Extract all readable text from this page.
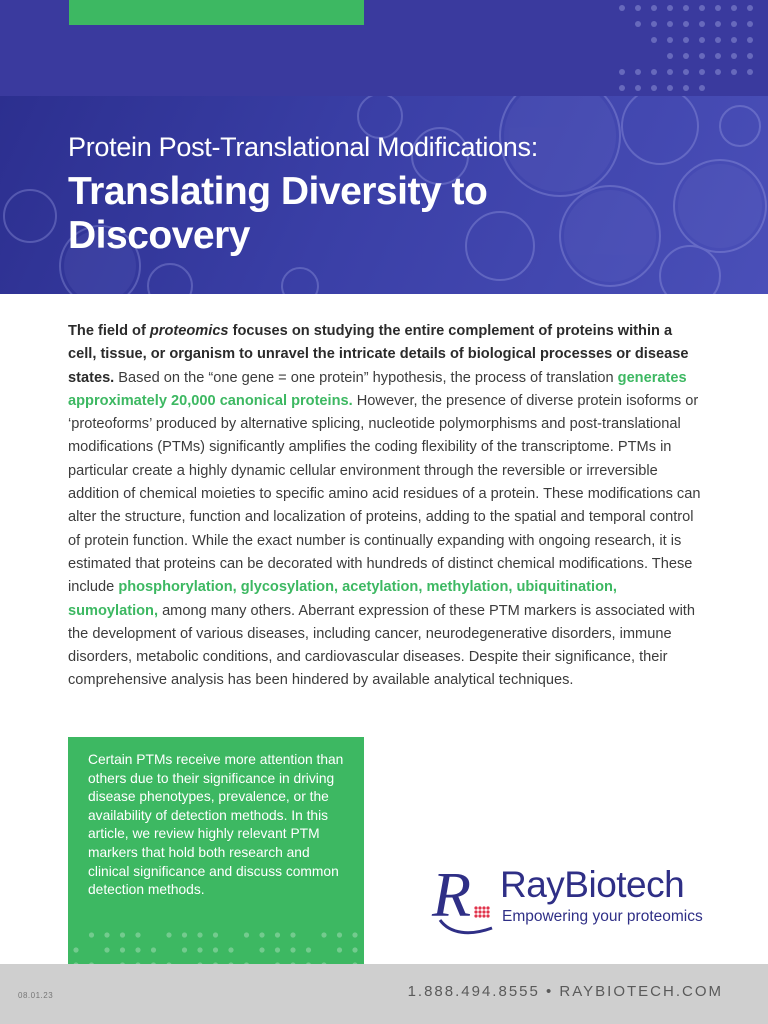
Protein Post-Translational Modifications:
Translating Diversity to Discovery
The field of proteomics focuses on studying the entire complement of proteins within a cell, tissue, or organism to unravel the intricate details of biological processes or disease states. Based on the “one gene = one protein” hypothesis, the process of translation generates approximately 20,000 canonical proteins. However, the presence of diverse protein isoforms or ‘proteoforms’ produced by alternative splicing, nucleotide polymorphisms and post-translational modifications (PTMs) significantly amplifies the coding flexibility of the transcriptome. PTMs in particular create a highly dynamic cellular environment through the reversible or irreversible addition of chemical moieties to specific amino acid residues of a protein. These modifications can alter the structure, function and localization of proteins, adding to the spatial and temporal control of protein function. While the exact number is continually expanding with ongoing research, it is estimated that proteins can be decorated with hundreds of distinct chemical modifications. These include phosphorylation, glycosylation, acetylation, methylation, ubiquitination, sumoylation, among many others. Aberrant expression of these PTM markers is associated with the development of various diseases, including cancer, neurodegenerative disorders, immune disorders, metabolic conditions, and cardiovascular diseases. Despite their significance, their comprehensive analysis has been hindered by available analytical techniques.
Certain PTMs receive more attention than others due to their significance in driving disease phenotypes, prevalence, or the availability of detection methods. In this article, we review highly relevant PTM markers that hold both research and clinical significance and discuss common detection methods.	R RayBiotech
Empowering your proteomics
08.01.23	1.888.494.8555 • RAYBIOTECH.COM
